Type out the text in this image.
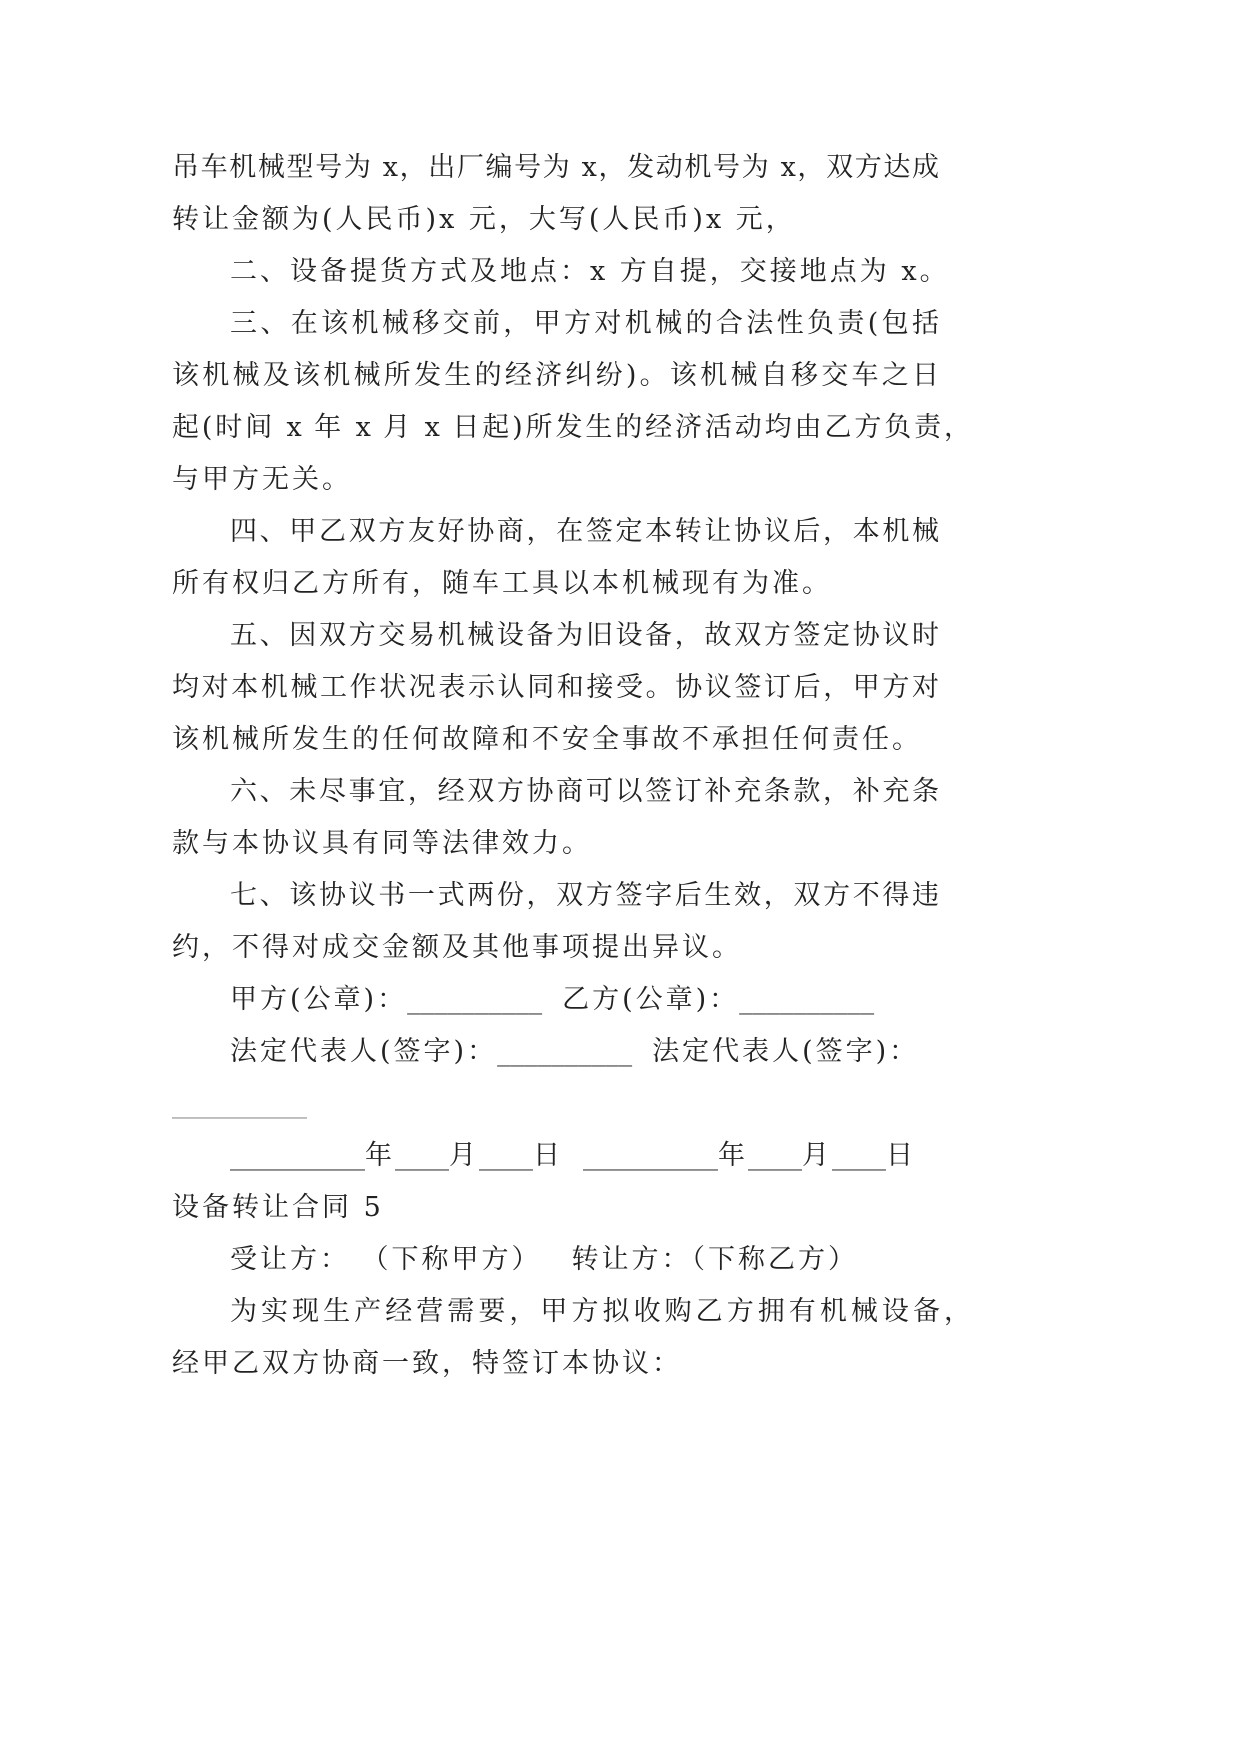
吊车机械型号为 x，出厂编号为 x，发动机号为 x，双方达成
转让金额为(人民币)x 元，大写(人民币)x 元，
二、设备提货方式及地点：x 方自提，交接地点为 x。
三、在该机械移交前，甲方对机械的合法性负责(包括
该机械及该机械所发生的经济纠纷)。该机械自移交车之日
起(时间 x 年 x 月 x 日起)所发生的经济活动均由乙方负责，
与甲方无关。
四、甲乙双方友好协商，在签定本转让协议后，本机械
所有权归乙方所有，随车工具以本机械现有为准。
五、因双方交易机械设备为旧设备，故双方签定协议时
均对本机械工作状况表示认同和接受。协议签订后，甲方对
该机械所发生的任何故障和不安全事故不承担任何责任。
六、未尽事宜，经双方协商可以签订补充条款，补充条
款与本协议具有同等法律效力。
七、该协议书一式两份，双方签字后生效，双方不得违
约，不得对成交金额及其他事项提出异议。
甲方(公章)：__________ 乙方(公章)：__________
法定代表人(签字)：__________ 法定代表人(签字)：
__________
__________年____月____日 __________年____月____日
设备转让合同 5
受让方： （下称甲方） 转让方：（下称乙方）
为实现生产经营需要，甲方拟收购乙方拥有机械设备，
经甲乙双方协商一致，特签订本协议：
